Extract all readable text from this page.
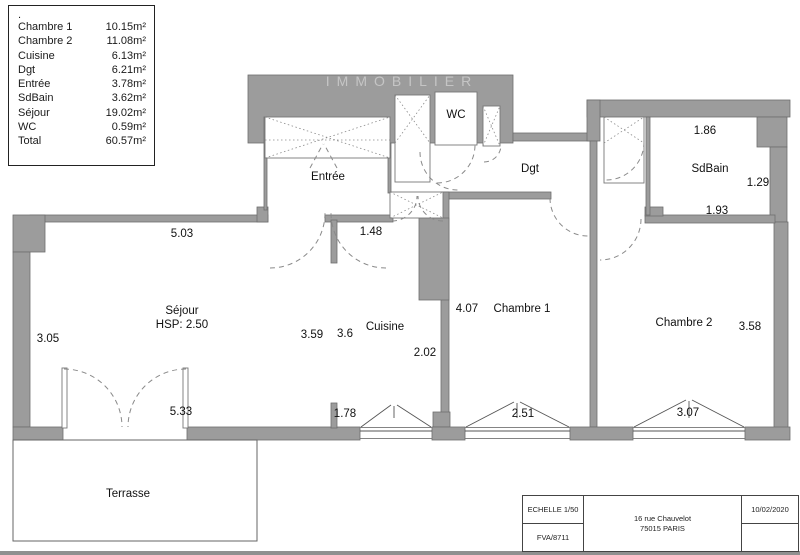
IMMOBILIER
Entrée
WC
Dgt	SdBain
Séjour
HSP: 2.50	Cuisine
Chambre 1
Chambre 2
Terrasse
5.03	1.48
3.05	3.59 3.6
2.02
4.07
3.58
1.86
1.29
1.93
5.33	1.78	2.51	3.07
.
Chambre 1	10.15m²
Chambre 2	11.08m²
Cuisine	6.13m²
Dgt	6.21m²
Entrée	3.78m²
SdBain	3.62m²
Séjour	19.02m²
WC	0.59m²
Total	60.57m²
ECHELLE 1/50
FVA/8711
16 rue Chauvelot
75015 PARIS
10/02/2020
